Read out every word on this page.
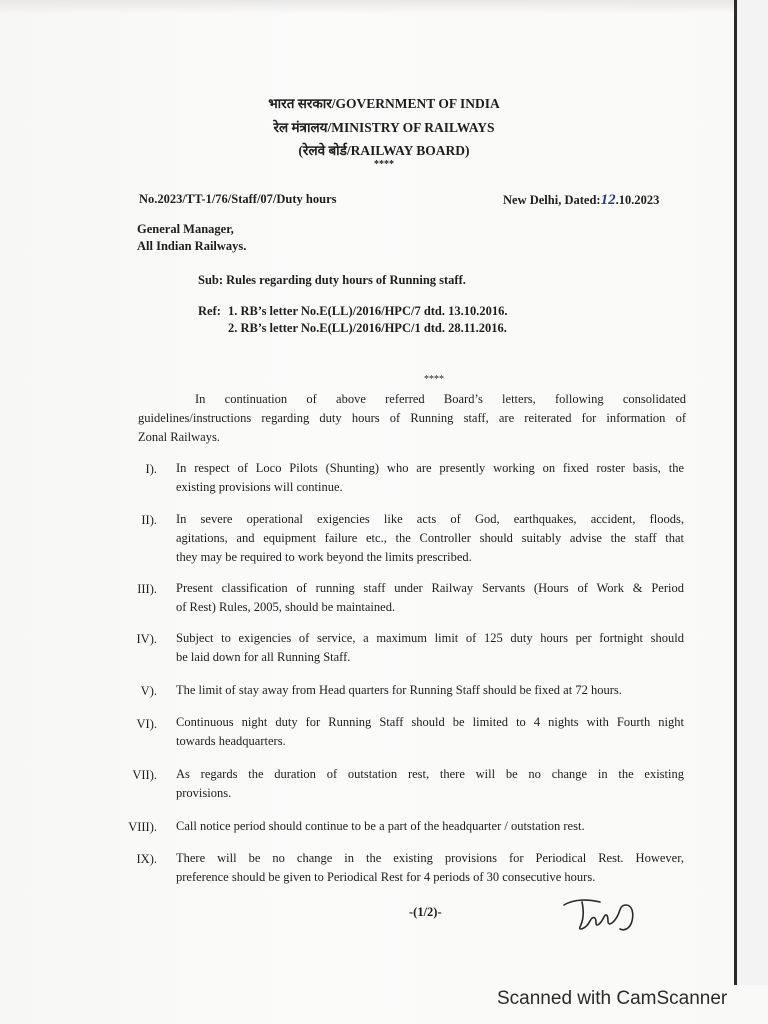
भारत सरकार/GOVERNMENT OF INDIA
रेल मंत्रालय/MINISTRY OF RAILWAYS
(रेलवे बोर्ड/RAILWAY BOARD)
****
No.2023/TT-1/76/Staff/07/Duty hours	New Delhi, Dated:12.10.2023
General Manager,
All Indian Railways.
Sub: Rules regarding duty hours of Running staff.
Ref: 1. RB’s letter No.E(LL)/2016/HPC/7 dtd. 13.10.2016.
2. RB’s letter No.E(LL)/2016/HPC/1 dtd. 28.11.2016.
****
In continuation of above referred Board’s letters, following consolidated
guidelines/instructions regarding duty hours of Running staff, are reiterated for information of
Zonal Railways.
I). In respect of Loco Pilots (Shunting) who are presently working on fixed roster basis, the
existing provisions will continue.
II). In severe operational exigencies like acts of God, earthquakes, accident, floods,
agitations, and equipment failure etc., the Controller should suitably advise the staff that
they may be required to work beyond the limits prescribed.
III). Present classification of running staff under Railway Servants (Hours of Work & Period
of Rest) Rules, 2005, should be maintained.
IV). Subject to exigencies of service, a maximum limit of 125 duty hours per fortnight should
be laid down for all Running Staff.
V). The limit of stay away from Head quarters for Running Staff should be fixed at 72 hours.
VI). Continuous night duty for Running Staff should be limited to 4 nights with Fourth night
towards headquarters.
VII). As regards the duration of outstation rest, there will be no change in the existing
provisions.
VIII). Call notice period should continue to be a part of the headquarter / outstation rest.
IX). There will be no change in the existing provisions for Periodical Rest. However,
preference should be given to Periodical Rest for 4 periods of 30 consecutive hours.
-(1/2)-
Scanned with CamScanner
